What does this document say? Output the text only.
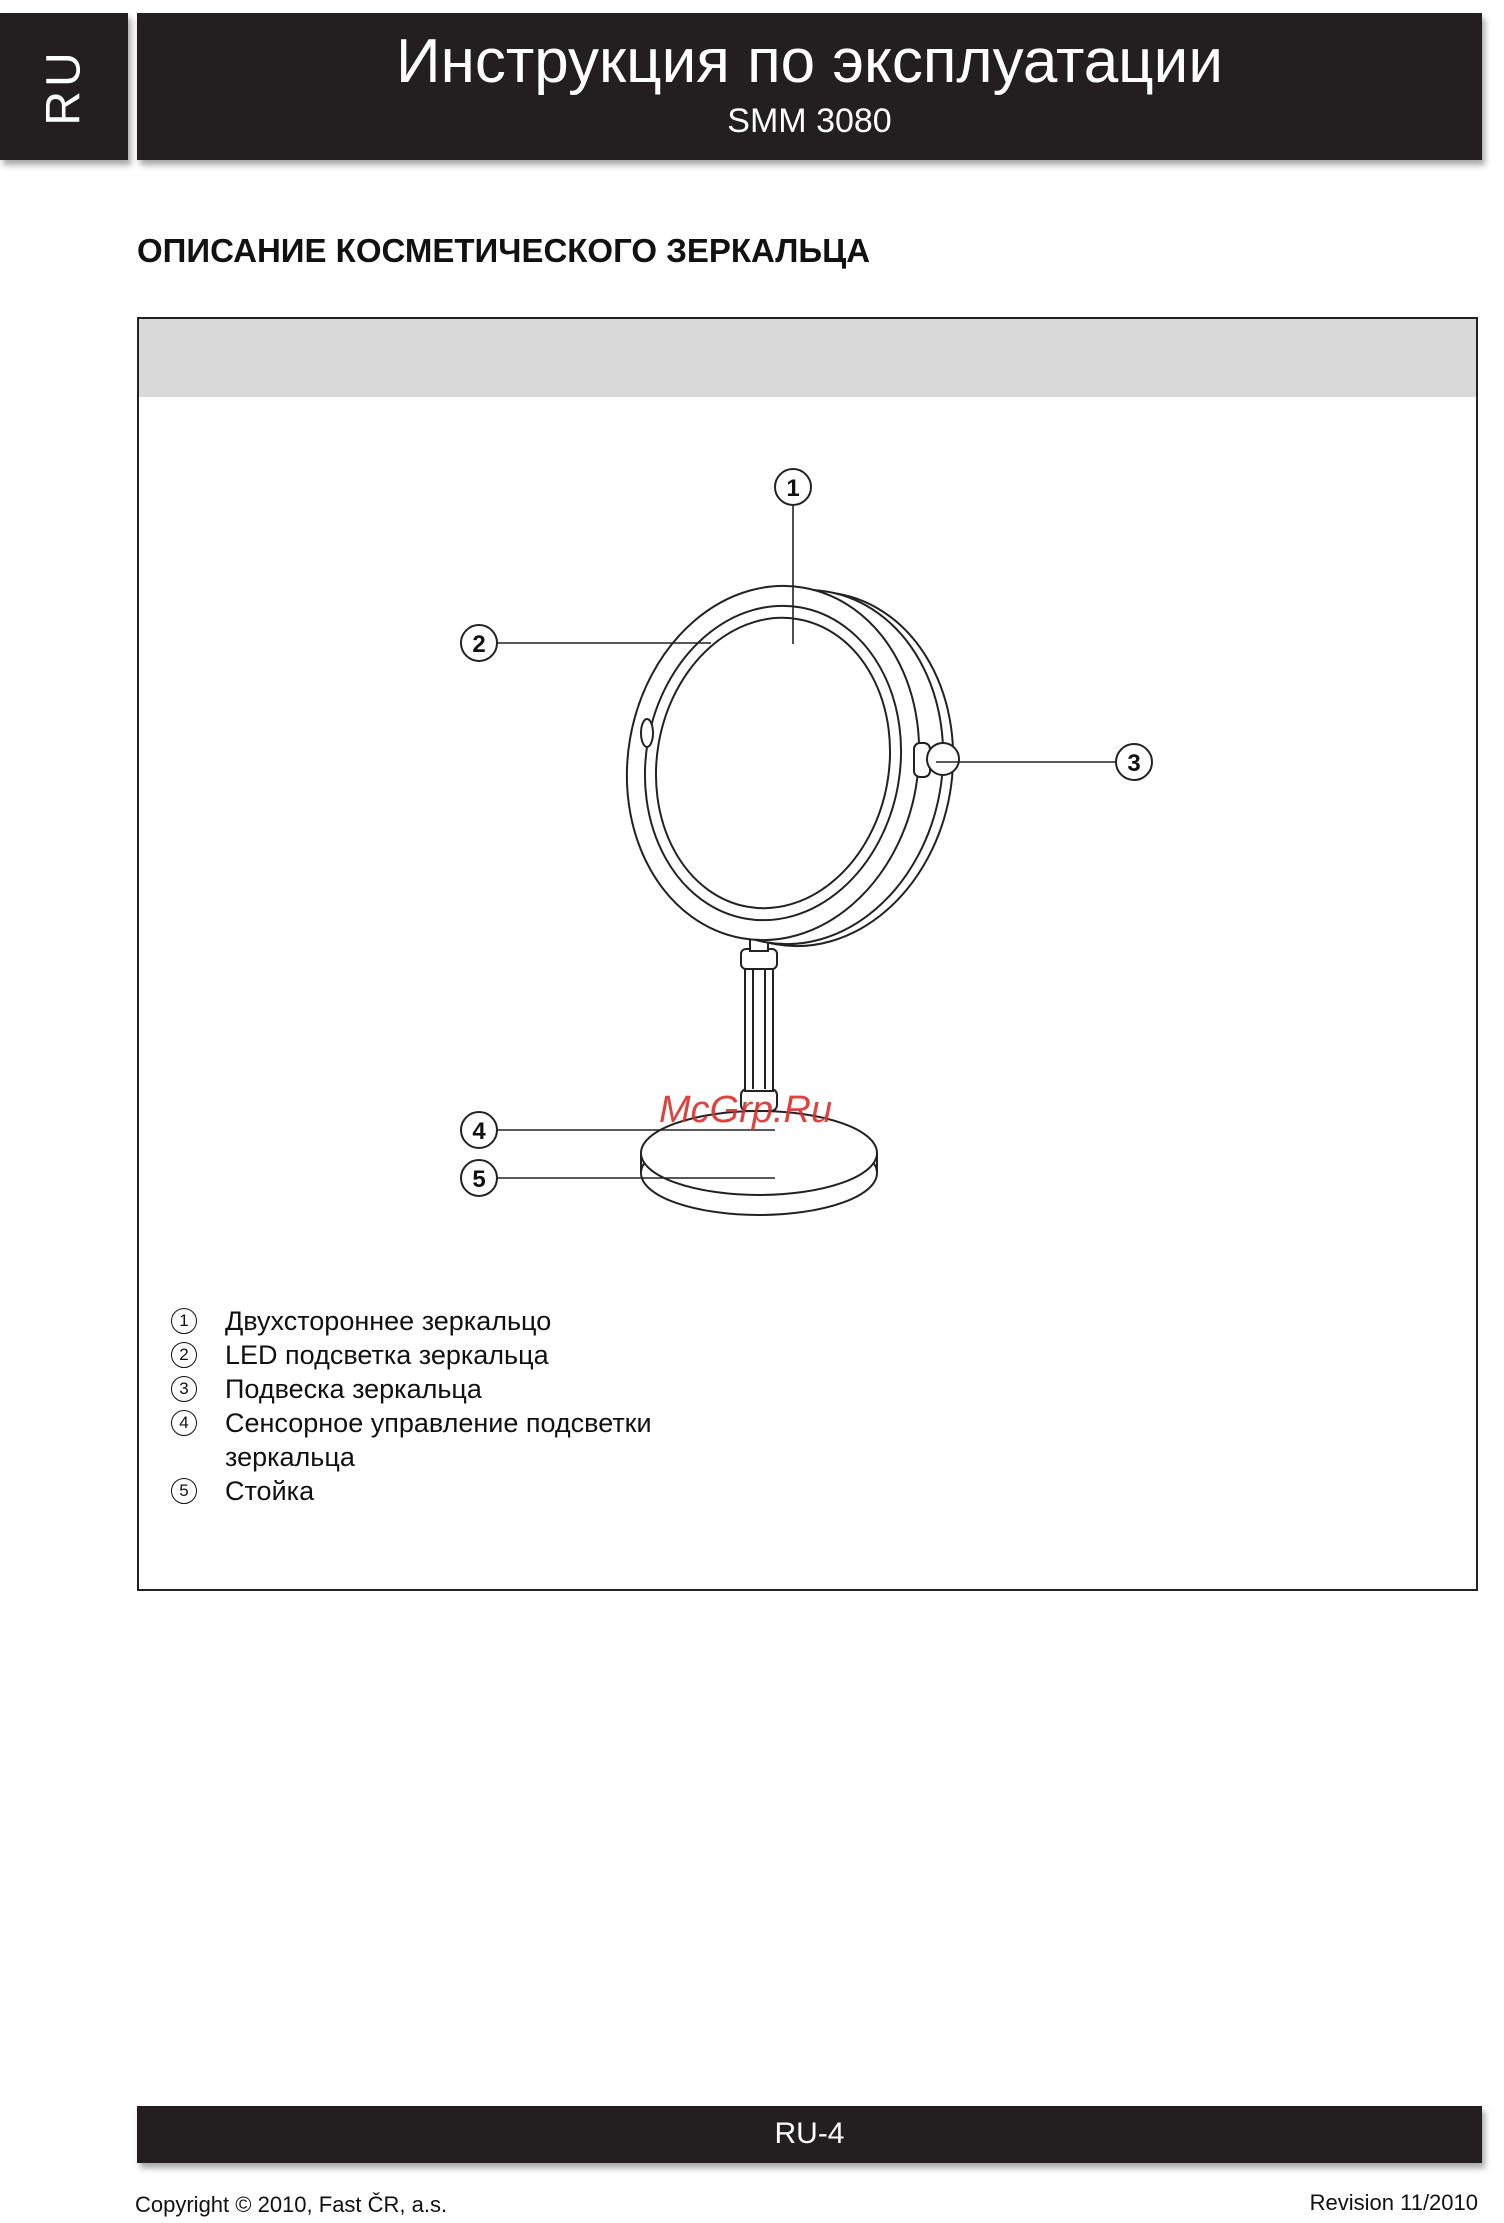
RU	Инструкция по эксплуатации
SMM 3080
ОПИСАНИЕ КОСМЕТИЧЕСКОГО ЗЕРКАЛЬЦА
1
2
3
4
5
McGrp.Ru
1	Двухстороннее зеркальцо
2	LED подсветка зеркальца
3	Подвеска зеркальца
4	Сенсорное управление подсветки
зеркальца
5	Стойка
RU-4
Copyright © 2010, Fast ČR, a.s.	Revision 11/2010
